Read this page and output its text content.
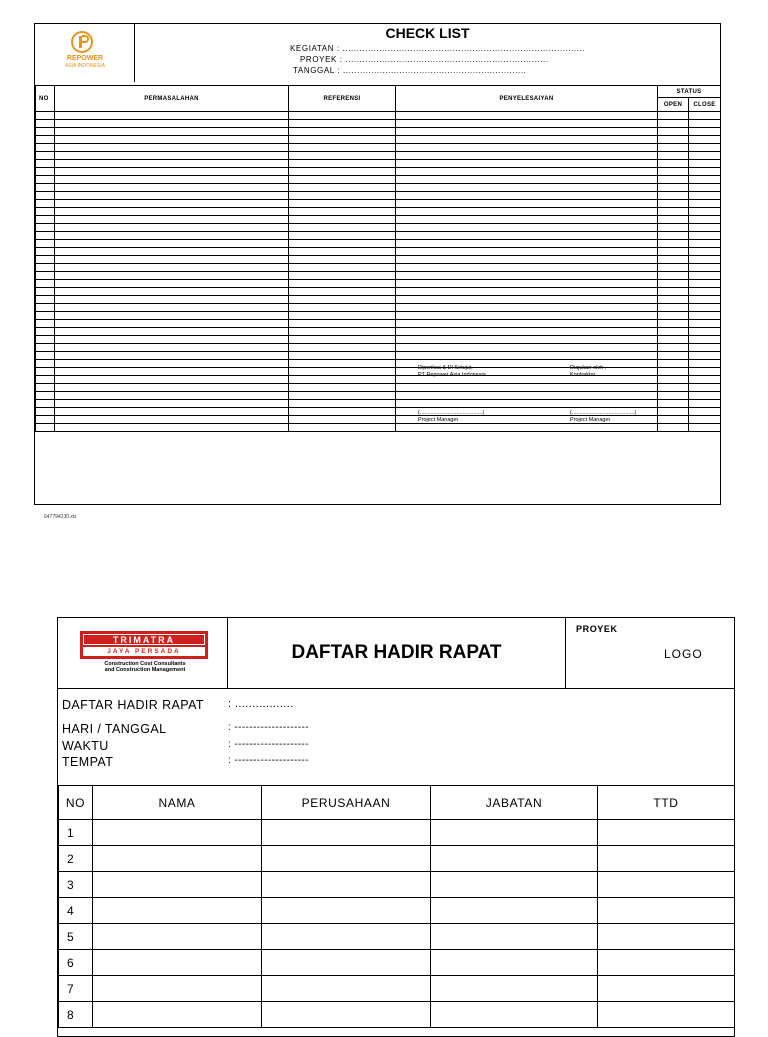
REPOWER
ASIA INDONESIA
CHECK LIST
KEGIATAN : ......................................................................................
PROYEK : ........................................................................
TANGGAL : .................................................................
NO	PERMASALAHAN	REFERENSI	PENYELESAIYAN	STATUS	
				OPEN	CLOSE

Diperiksa & Di Setujui,
PT Repower Asia Indonesia
(.........................................)
Project Manager
Diajukan oleh ,
Kontraktor.................
(.........................................)
Project Manager
647794130.xls
TRIMATRA
JAYA PERSADA
Construction Cost Consultants
and Construction Management
DAFTAR HADIR RAPAT
PROYEK
LOGO
DAFTAR HADIR RAPAT : .................
HARI / TANGGAL	: --------------------
WAKTU	: --------------------
TEMPAT	: --------------------
NO	NAMA	PERUSAHAAN	JABATAN	TTD
1				
2				
3				
4				
5				
6				
7				
8				
